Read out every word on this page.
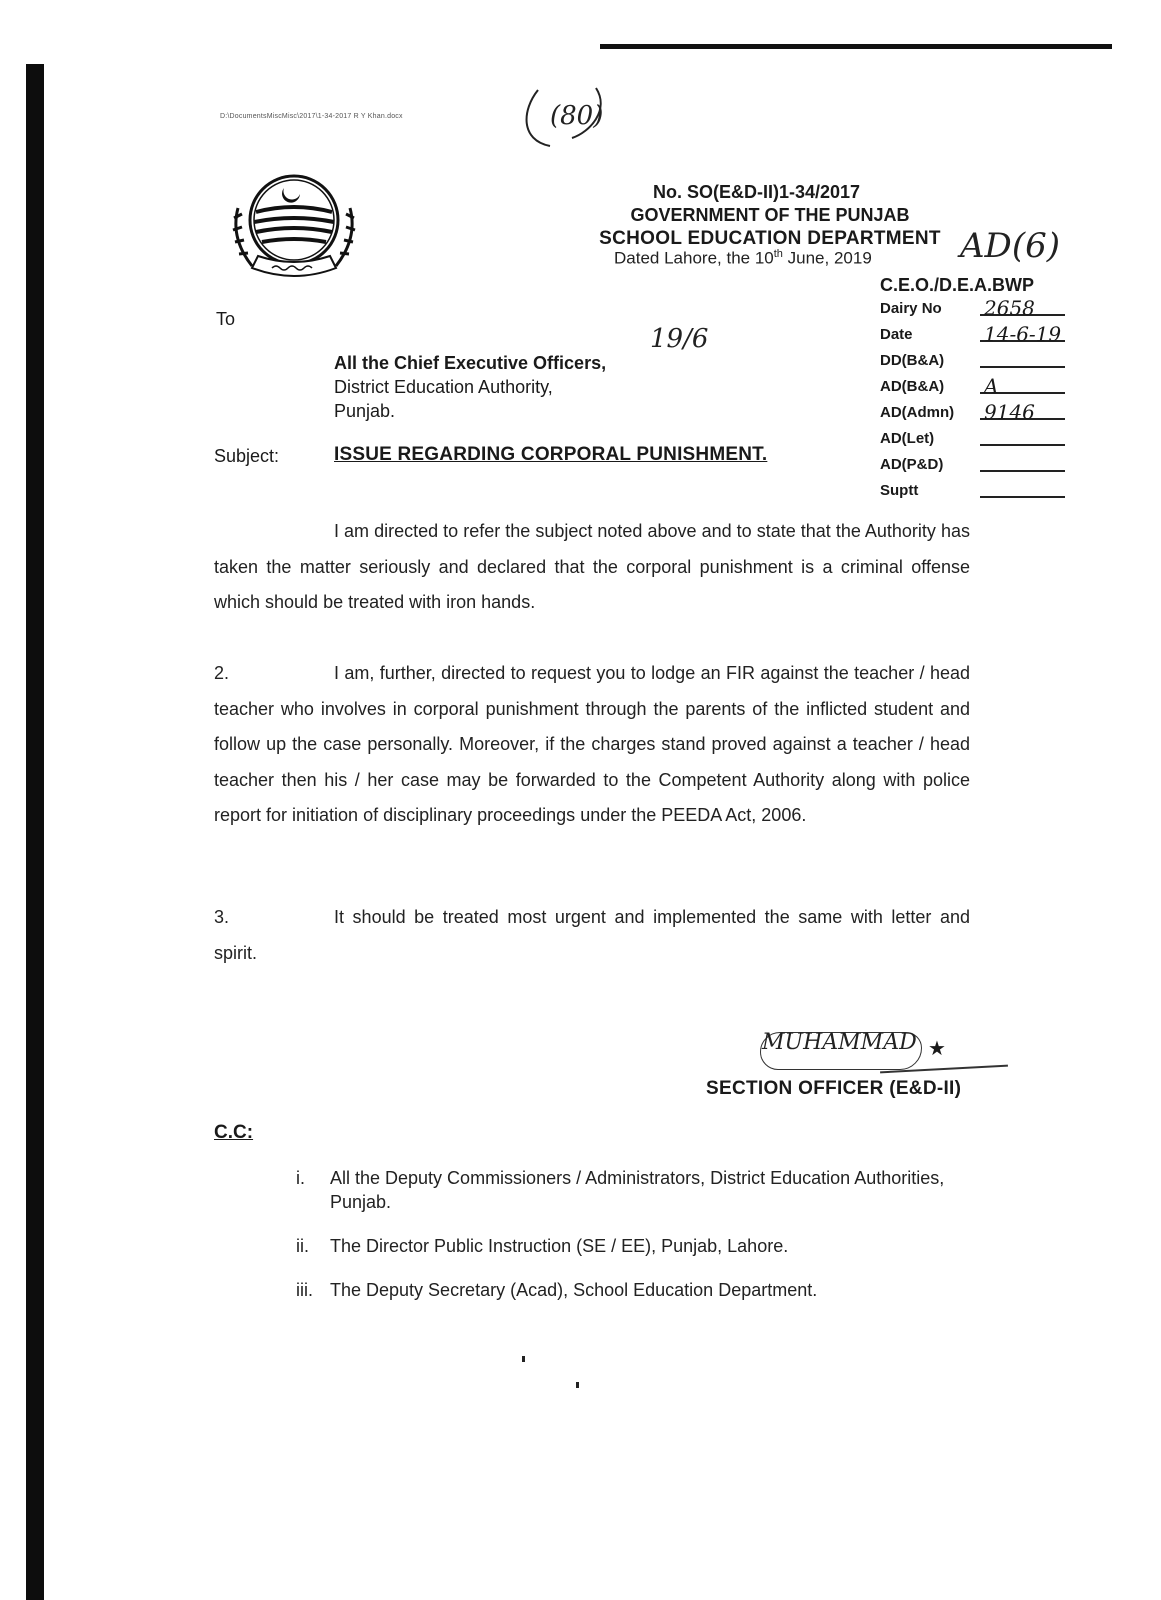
D:\DocumentsMiscMisc\2017\1-34-2017 R Y Khan.docx	(80)
No. SO(E&D-II)1-34/2017
GOVERNMENT OF THE PUNJAB
SCHOOL EDUCATION DEPARTMENT
Dated Lahore, the 10th June, 2019	AD(6)
C.E.O./D.E.A.BWP
Dairy No 2658
Date	14-6-19
DD(B&A)
AD(B&A) A
AD(Admn) 9146
AD(Let)
AD(P&D)
Suptt
To
All the Chief Executive Officers,
District Education Authority,
Punjab.
19/6
Subject:	ISSUE REGARDING CORPORAL PUNISHMENT.
I am directed to refer the subject noted above and to state that the Authority has taken the matter seriously and declared that the corporal punishment is a criminal offense which should be treated with iron hands.
2.	I am, further, directed to request you to lodge an FIR against the teacher / head teacher who involves in corporal punishment through the parents of the inflicted student and follow up the case personally. Moreover, if the charges stand proved against a teacher / head teacher then his / her case may be forwarded to the Competent Authority along with police report for initiation of disciplinary proceedings under the PEEDA Act, 2006.
3.	It should be treated most urgent and implemented the same with letter and spirit.
MUHAMMAD ★
SECTION OFFICER (E&D-II)
C.C:
i. All the Deputy Commissioners / Administrators, District Education Authorities, Punjab.
ii. The Director Public Instruction (SE / EE), Punjab, Lahore.
iii. The Deputy Secretary (Acad), School Education Department.
